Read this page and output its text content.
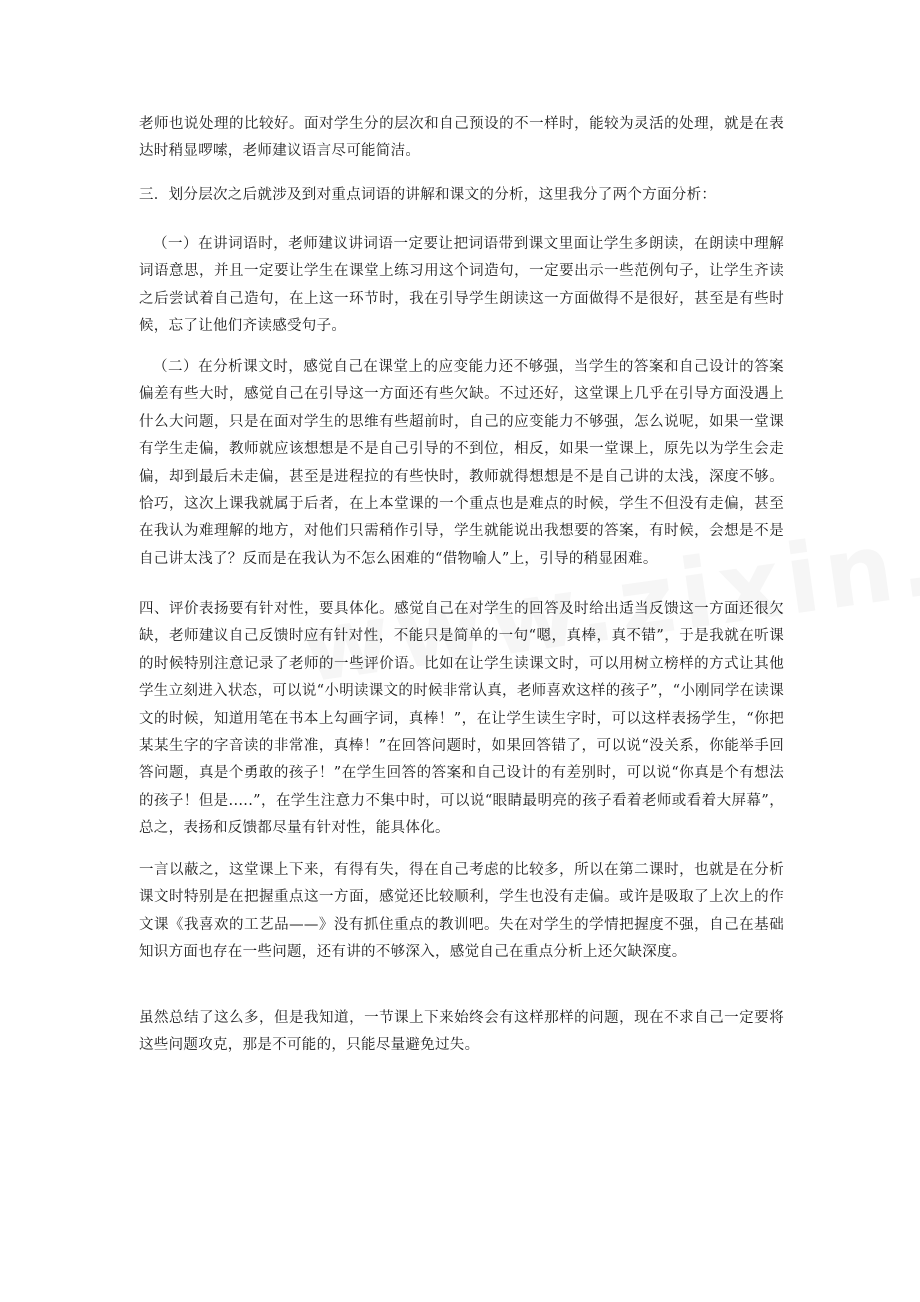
老师也说处理的比较好。面对学生分的层次和自己预设的不一样时，能较为灵活的处理，就是在表达时稍显啰嗦，老师建议语言尽可能简洁。

三．划分层次之后就涉及到对重点词语的讲解和课文的分析，这里我分了两个方面分析：

（一）在讲词语时，老师建议讲词语一定要让把词语带到课文里面让学生多朗读，在朗读中理解词语意思，并且一定要让学生在课堂上练习用这个词造句，一定要出示一些范例句子，让学生齐读之后尝试着自己造句，在上这一环节时，我在引导学生朗读这一方面做得不是很好，甚至是有些时候，忘了让他们齐读感受句子。

（二）在分析课文时，感觉自己在课堂上的应变能力还不够强，当学生的答案和自己设计的答案偏差有些大时，感觉自己在引导这一方面还有些欠缺。不过还好，这堂课上几乎在引导方面没遇上什么大问题，只是在面对学生的思维有些超前时，自己的应变能力不够强，怎么说呢，如果一堂课有学生走偏，教师就应该想想是不是自己引导的不到位，相反，如果一堂课上，原先以为学生会走偏，却到最后未走偏，甚至是进程拉的有些快时，教师就得想想是不是自己讲的太浅，深度不够。恰巧，这次上课我就属于后者，在上本堂课的一个重点也是难点的时候，学生不但没有走偏，甚至在我认为难理解的地方，对他们只需稍作引导，学生就能说出我想要的答案，有时候，会想是不是自己讲太浅了？反而是在我认为不怎么困难的“借物喻人”上，引导的稍显困难。

四、评价表扬要有针对性，要具体化。感觉自己在对学生的回答及时给出适当反馈这一方面还很欠缺，老师建议自己反馈时应有针对性，不能只是简单的一句“嗯，真棒，真不错”，于是我就在听课的时候特别注意记录了老师的一些评价语。比如在让学生读课文时，可以用树立榜样的方式让其他学生立刻进入状态，可以说“小明读课文的时候非常认真，老师喜欢这样的孩子”，“小刚同学在读课文的时候，知道用笔在书本上勾画字词，真棒！”，在让学生读生字时，可以这样表扬学生，“你把某某生字的字音读的非常准，真棒！”在回答问题时，如果回答错了，可以说“没关系，你能举手回答问题，真是个勇敢的孩子！”在学生回答的答案和自己设计的有差别时，可以说“你真是个有想法的孩子！但是.....”，在学生注意力不集中时，可以说“眼睛最明亮的孩子看着老师或看着大屏幕”，总之，表扬和反馈都尽量有针对性，能具体化。

一言以蔽之，这堂课上下来，有得有失，得在自己考虑的比较多，所以在第二课时，也就是在分析课文时特别是在把握重点这一方面，感觉还比较顺利，学生也没有走偏。或许是吸取了上次上的作文课《我喜欢的工艺品——》没有抓住重点的教训吧。失在对学生的学情把握度不强，自己在基础知识方面也存在一些问题，还有讲的不够深入，感觉自己在重点分析上还欠缺深度。

虽然总结了这么多，但是我知道，一节课上下来始终会有这样那样的问题，现在不求自己一定要将这些问题攻克，那是不可能的，只能尽量避免过失。
